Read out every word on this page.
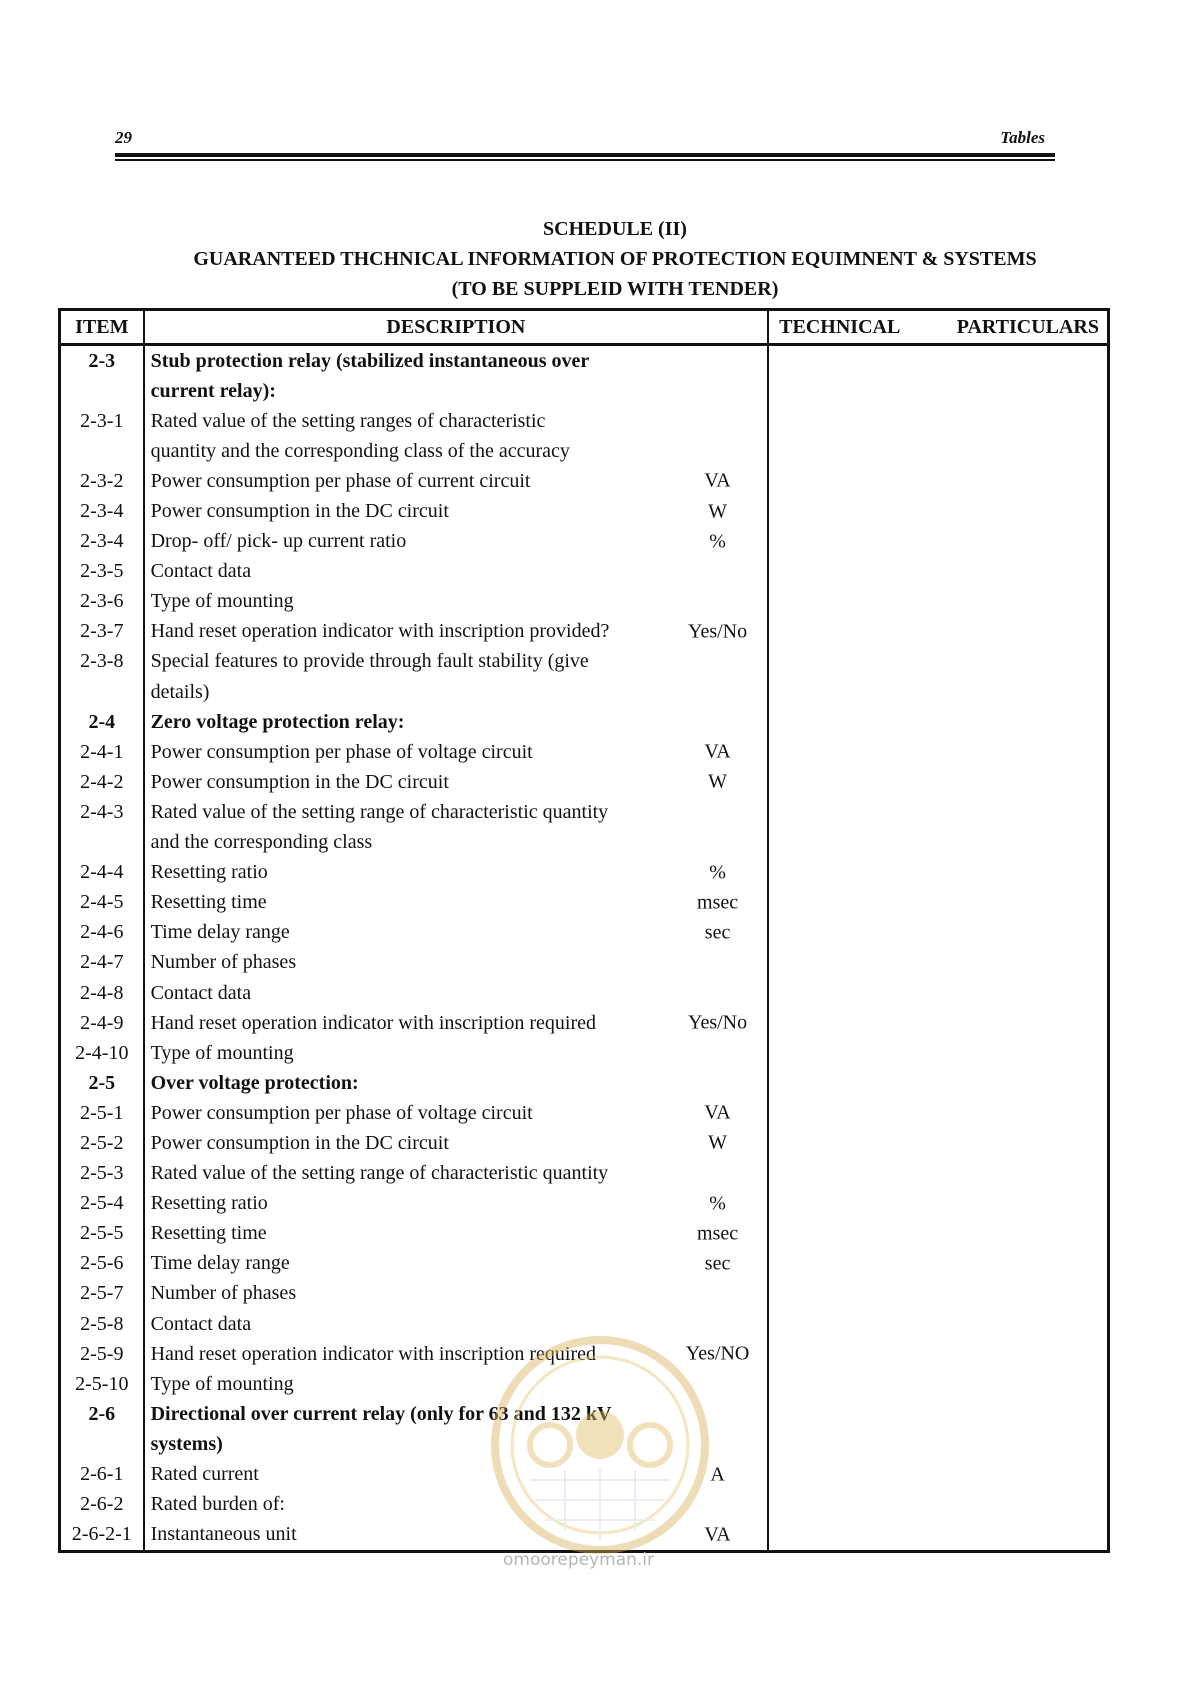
29	Tables
SCHEDULE (II)
GUARANTEED THCHNICAL INFORMATION OF PROTECTION EQUIMNENT & SYSTEMS
(TO BE SUPPLEID WITH TENDER)
ITEM	DESCRIPTION	TECHNICAL PARTICULARS

2-3	Stub protection relay (stabilized instantaneous over

	current relay):

2-3-1	Rated value of the setting ranges of characteristic

	quantity and the corresponding class of the accuracy

2-3-2	Power consumption per phase of current circuit VA	

2-3-4	Power consumption in the DC circuit W	

2-3-4	Drop- off/ pick- up current ratio %	

2-3-5	Contact data

2-3-6	Type of mounting

2-3-7	Hand reset operation indicator with inscription provided? Yes/No	

2-3-8	Special features to provide through fault stability (give

	details)

2-4	Zero voltage protection relay:

2-4-1	Power consumption per phase of voltage circuit VA	

2-4-2	Power consumption in the DC circuit W	

2-4-3	Rated value of the setting range of characteristic quantity

	and the corresponding class

2-4-4	Resetting ratio %	

2-4-5	Resetting time msec	

2-4-6	Time delay range sec	

2-4-7	Number of phases

2-4-8	Contact data

2-4-9	Hand reset operation indicator with inscription required Yes/No	

2-4-10	Type of mounting

2-5	Over voltage protection:

2-5-1	Power consumption per phase of voltage circuit VA	

2-5-2	Power consumption in the DC circuit W	

2-5-3	Rated value of the setting range of characteristic quantity

2-5-4	Resetting ratio %	

2-5-5	Resetting time msec	

2-5-6	Time delay range sec	

2-5-7	Number of phases

2-5-8	Contact data

2-5-9	Hand reset operation indicator with inscription required Yes/NO	

2-5-10	Type of mounting

2-6	Directional over current relay (only for 63 and 132 kV

	systems)

2-6-1	Rated current A	

2-6-2	Rated burden of:

2-6-2-1	Instantaneous unit VA	

omoorepeyman.ir
